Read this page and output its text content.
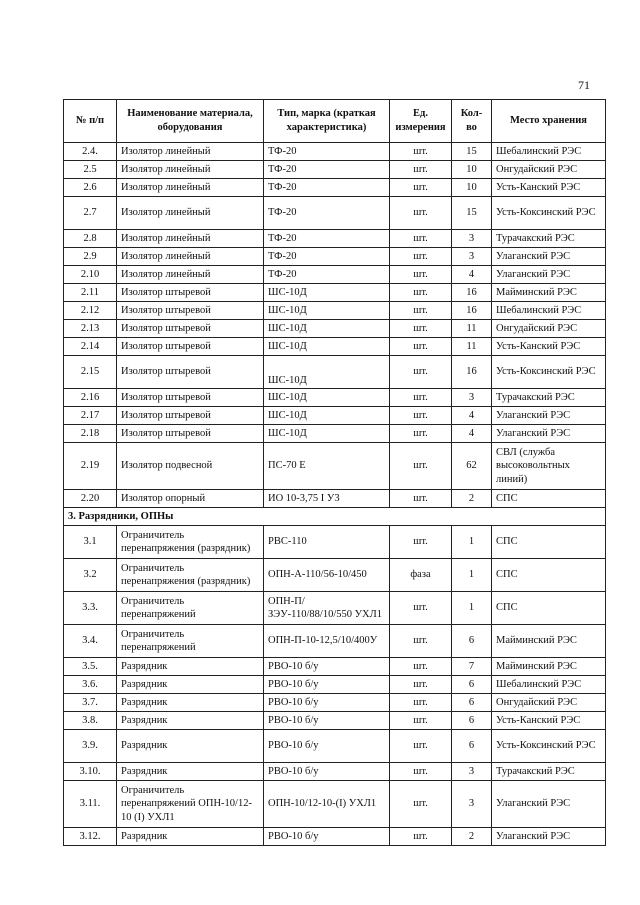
71
№ п/п	Наименование материала, оборудования	Тип, марка (краткая характеристика)	Ед. измерения	Кол-во	Место хранения
2.4.	Изолятор линейный	ТФ-20	шт.	15	Шебалинский РЭС
2.5	Изолятор линейный	ТФ-20	шт.	10	Онгудайский РЭС
2.6	Изолятор линейный	ТФ-20	шт.	10	Усть-Канский РЭС
2.7	Изолятор линейный	ТФ-20	шт.	15	Усть-Коксинский РЭС
2.8	Изолятор линейный	ТФ-20	шт.	3	Турачакский РЭС
2.9	Изолятор линейный	ТФ-20	шт.	3	Улаганский РЭС
2.10	Изолятор линейный	ТФ-20	шт.	4	Улаганский РЭС
2.11	Изолятор штыревой	ШС-10Д	шт.	16	Майминский РЭС
2.12	Изолятор штыревой	ШС-10Д	шт.	16	Шебалинский РЭС
2.13	Изолятор штыревой	ШС-10Д	шт.	11	Онгудайский РЭС
2.14	Изолятор штыревой	ШС-10Д	шт.	11	Усть-Канский РЭС
2.15	Изолятор штыревой	ШС-10Д	шт.	16	Усть-Коксинский РЭС
2.16	Изолятор штыревой	ШС-10Д	шт.	3	Турачакский РЭС
2.17	Изолятор штыревой	ШС-10Д	шт.	4	Улаганский РЭС
2.18	Изолятор штыревой	ШС-10Д	шт.	4	Улаганский РЭС
2.19	Изолятор подвесной	ПС-70 Е	шт.	62	СВЛ (служба высоковольтных линий)
2.20	Изолятор опорный	ИО 10-3,75 I У3	шт.	2	СПС
3. Разрядники, ОПНы					
3.1	Ограничитель перенапряжения (разрядник)	РВС-110	шт.	1	СПС
3.2	Ограничитель перенапряжения (разрядник)	ОПН-А-110/56-10/450	фаза	1	СПС
3.3.	Ограничитель перенапряжений	ОПН-П/ЗЭУ-110/88/10/550 УХЛ1	шт.	1	СПС
3.4.	Ограничитель перенапряжений	ОПН-П-10-12,5/10/400У	шт.	6	Майминский РЭС
3.5.	Разрядник	РВО-10 б/у	шт.	7	Майминский РЭС
3.6.	Разрядник	РВО-10 б/у	шт.	6	Шебалинский РЭС
3.7.	Разрядник	РВО-10 б/у	шт.	6	Онгудайский РЭС
3.8.	Разрядник	РВО-10 б/у	шт.	6	Усть-Канский РЭС
3.9.	Разрядник	РВО-10 б/у	шт.	6	Усть-Коксинский РЭС
3.10.	Разрядник	РВО-10 б/у	шт.	3	Турачакский РЭС
3.11.	Ограничитель перенапряжений ОПН-10/12-10 (I) УХЛ1	ОПН-10/12-10-(I) УХЛ1	шт.	3	Улаганский РЭС
3.12.	Разрядник	РВО-10 б/у	шт.	2	Улаганский РЭС
